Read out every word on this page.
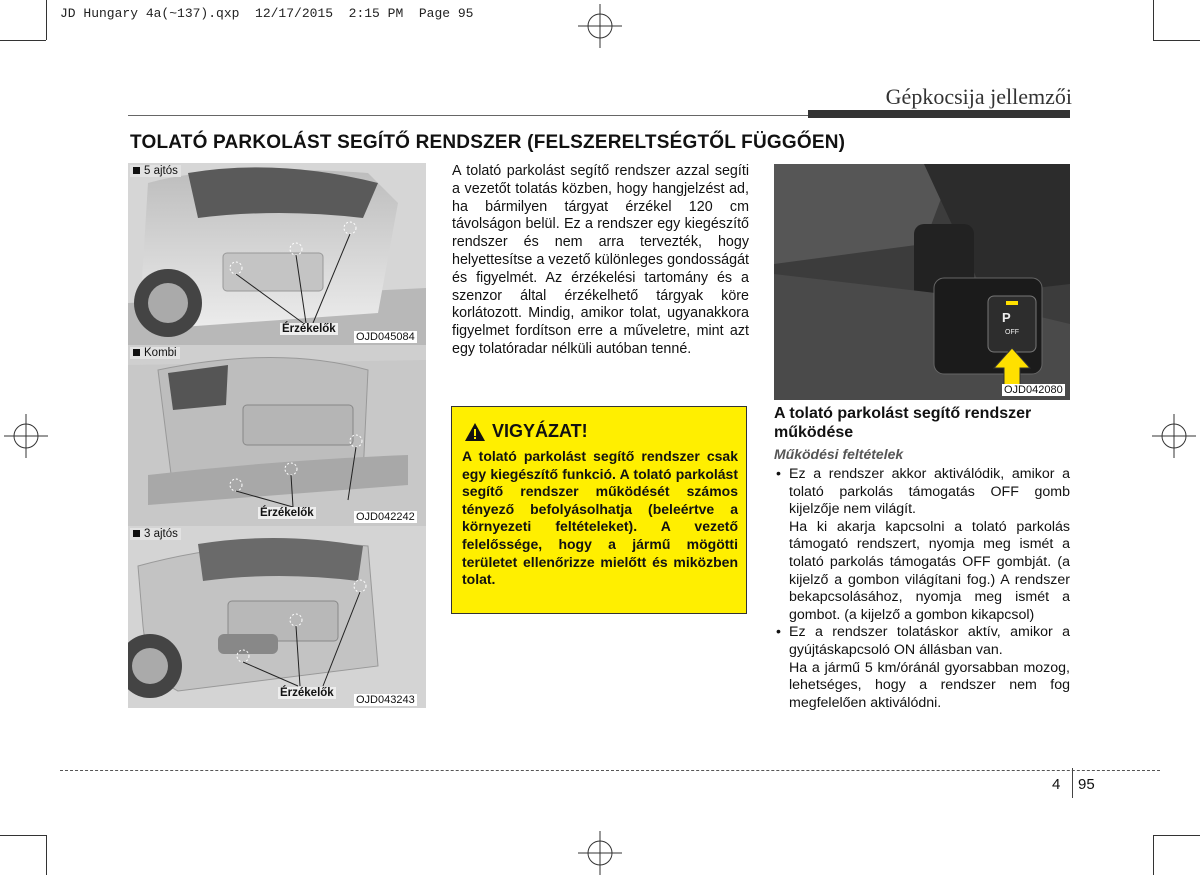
JD Hungary 4a(~137).qxp  12/17/2015  2:15 PM  Page 95
Gépkocsija jellemzői
TOLATÓ PARKOLÁST SEGÍTŐ RENDSZER (FELSZERELTSÉGTŐL FÜGGŐEN)
5 ajtós
Érzékelők
OJD045084
Kombi
Érzékelők	OJD042242
3 ajtós
Érzékelők
OJD043243
A tolató parkolást segítő rendszer azzal segíti a vezetőt tolatás közben, hogy hangjelzést ad, ha bármilyen tárgyat érzékel 120 cm távolságon belül. Ez a rendszer egy kiegészítő rendszer és nem arra tervezték, hogy helyettesítse a vezető különleges gondosságát és figyelmét. Az érzékelési tartomány és a szenzor által érzékelhető tárgyak köre korlátozott. Mindig, amikor tolat, ugyanakkora figyelmet fordítson erre a műveletre, mint azt egy tolatóradar nélküli autóban tenné.
VIGYÁZAT!
A tolató parkolást segítő rendszer csak egy kiegészítő funkció. A tolató parkolást segítő rendszer működését számos tényező befolyásolhatja (beleértve a környezeti feltételeket). A vezető felelőssége, hogy a jármű mögötti területet ellenőrizze mielőtt és miközben tolat.
P
OFF
OJD042080
A tolató parkolást segítő rendszer működése
Működési feltételek
• Ez a rendszer akkor aktiválódik, amikor a tolató parkolás támogatás OFF gomb kijelzője nem világít.
Ha ki akarja kapcsolni a tolató parkolás támogató rendszert, nyomja meg ismét a tolató parkolás támogatás OFF gombját. (a kijelző a gombon világítani fog.) A rendszer bekapcsolásához, nyomja meg ismét a gombot. (a kijelző a gombon kikapcsol)
• Ez a rendszer tolatáskor aktív, amikor a gyújtáskapcsoló ON állásban van.
Ha a jármű 5 km/óránál gyorsabban mozog, lehetséges, hogy a rendszer nem fog megfelelően aktiválódni.
4 95
